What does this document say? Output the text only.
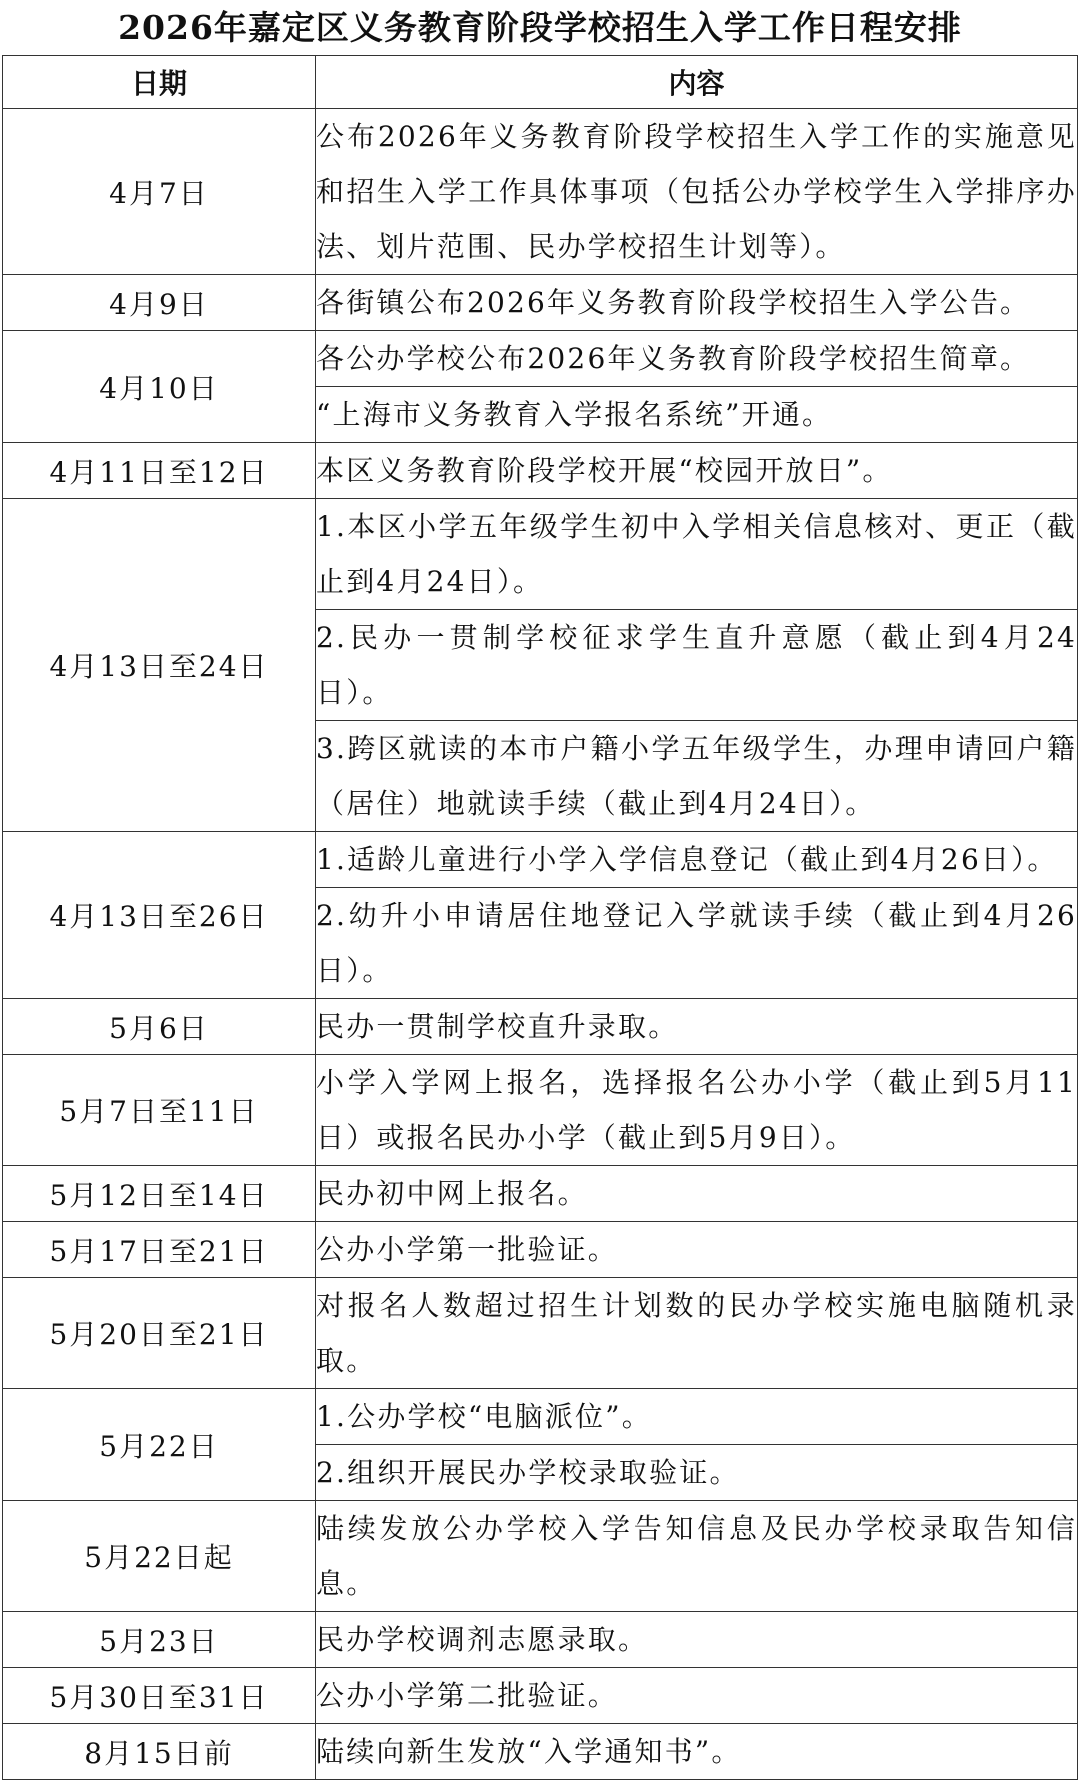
2026年嘉定区义务教育阶段学校招生入学工作日程安排
日期	内容
4月7日	公布2026年义务教育阶段学校招生入学工作的实施意见和招生入学工作具体事项（包括公办学校学生入学排序办法、划片范围、民办学校招生计划等）。
4月9日	各街镇公布2026年义务教育阶段学校招生入学公告。
4月10日	各公办学校公布2026年义务教育阶段学校招生简章。
	“上海市义务教育入学报名系统”开通。
4月11日至12日	本区义务教育阶段学校开展“校园开放日”。
4月13日至24日	1.本区小学五年级学生初中入学相关信息核对、更正（截止到4月24日）。
	2.民办一贯制学校征求学生直升意愿（截止到4月24日）。
	3.跨区就读的本市户籍小学五年级学生，办理申请回户籍（居住）地就读手续（截止到4月24日）。
4月13日至26日	1.适龄儿童进行小学入学信息登记（截止到4月26日）。
	2.幼升小申请居住地登记入学就读手续（截止到4月26日）。
5月6日	民办一贯制学校直升录取。
5月7日至11日	小学入学网上报名，选择报名公办小学（截止到5月11日）或报名民办小学（截止到5月9日）。
5月12日至14日	民办初中网上报名。
5月17日至21日	公办小学第一批验证。
5月20日至21日	对报名人数超过招生计划数的民办学校实施电脑随机录取。
5月22日	1.公办学校“电脑派位”。
	2.组织开展民办学校录取验证。
5月22日起	陆续发放公办学校入学告知信息及民办学校录取告知信息。
5月23日	民办学校调剂志愿录取。
5月30日至31日	公办小学第二批验证。
8月15日前	陆续向新生发放“入学通知书”。
